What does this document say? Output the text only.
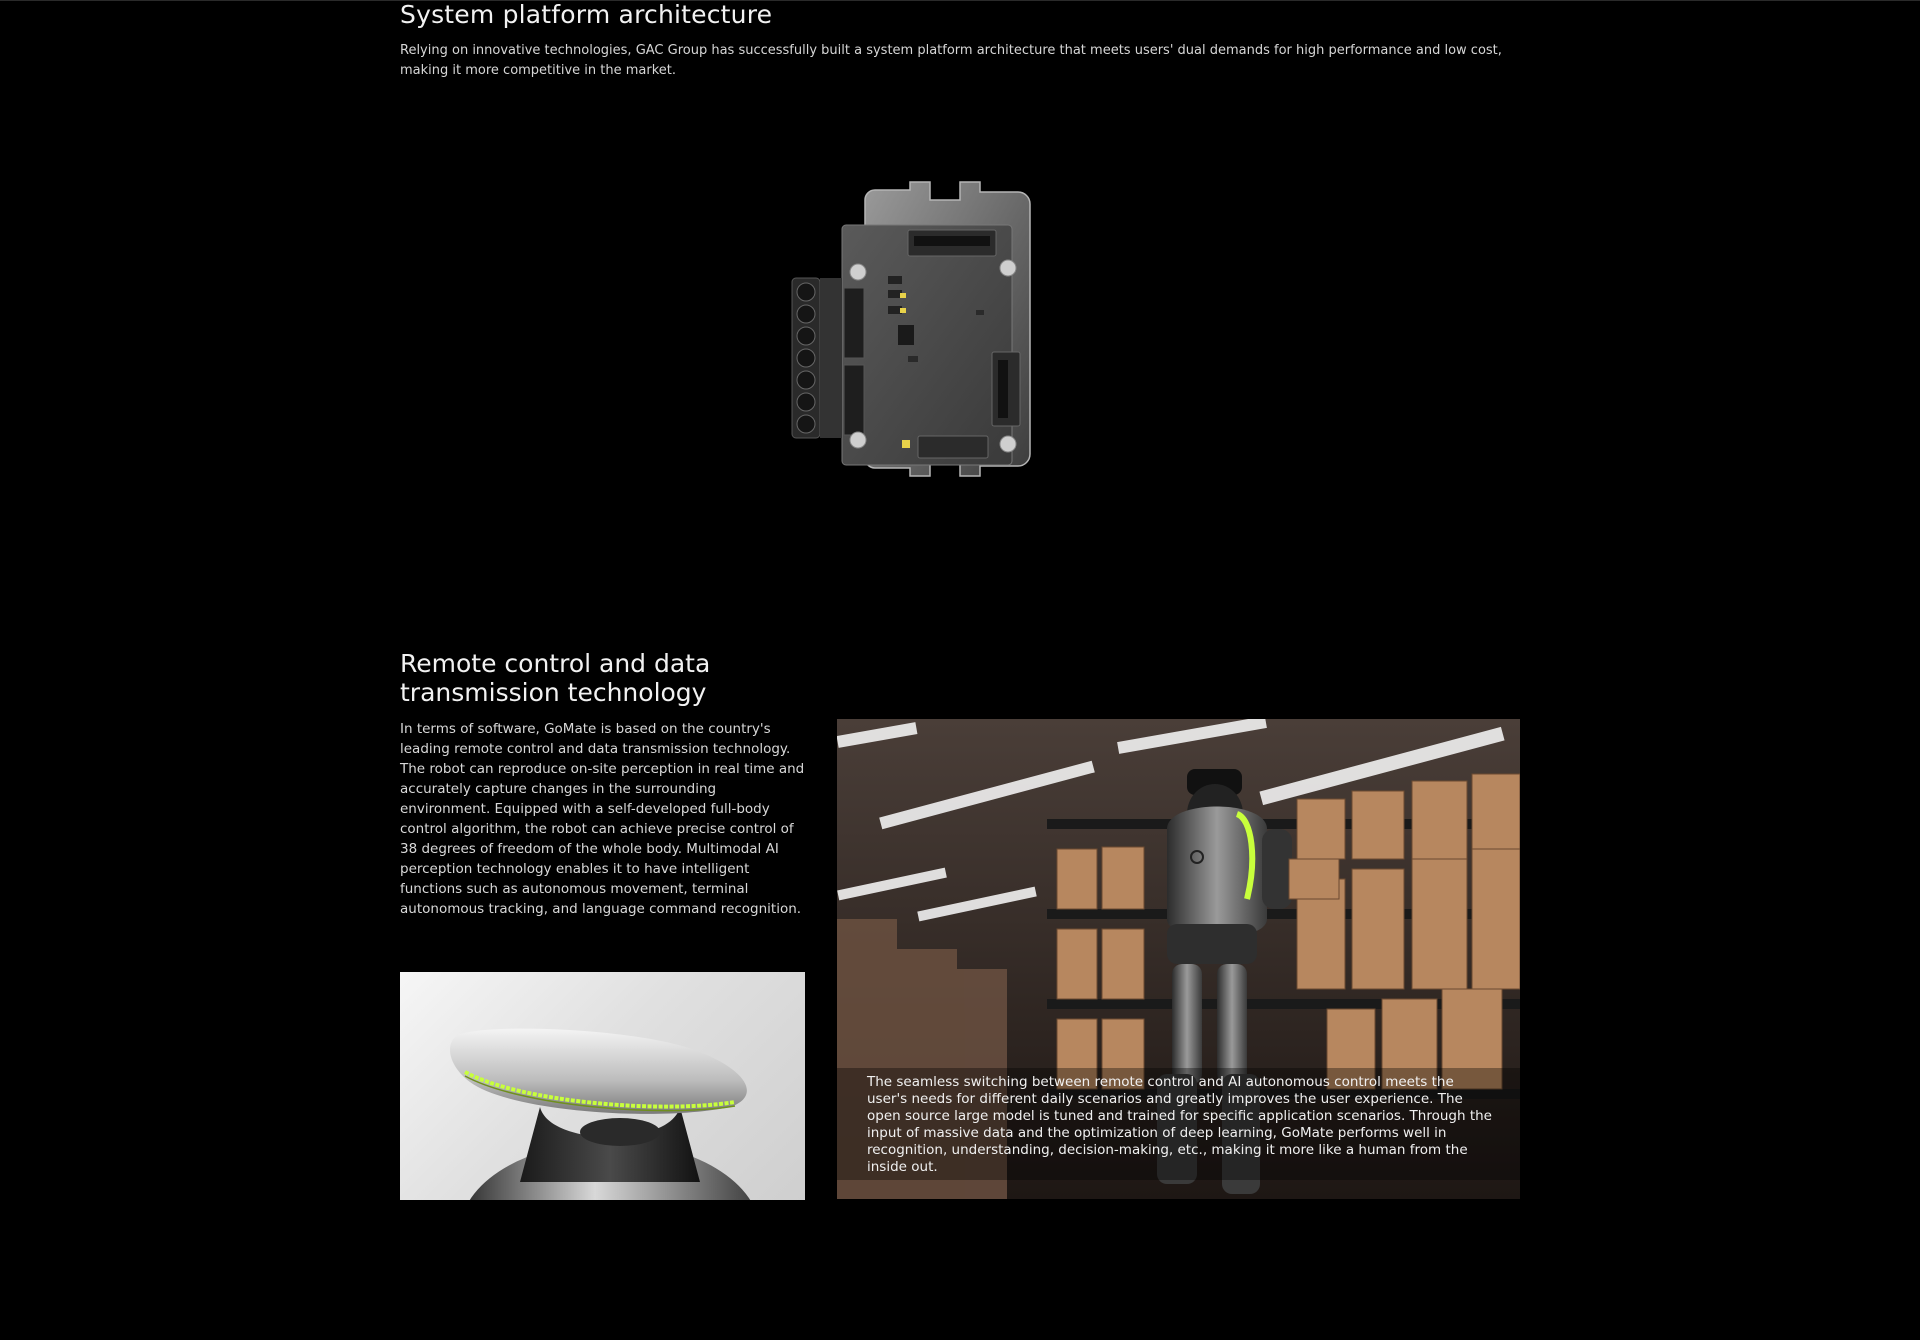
System platform architecture

Relying on innovative technologies, GAC Group has successfully built a system platform architecture that meets users' dual demands for high performance and low cost, making it more competitive in the market.

Remote control and data transmission technology

In terms of software, GoMate is based on the country's leading remote control and data transmission technology. The robot can reproduce on-site perception in real time and accurately capture changes in the surrounding environment. Equipped with a self-developed full-body control algorithm, the robot can achieve precise control of 38 degrees of freedom of the whole body. Multimodal AI perception technology enables it to have intelligent functions such as autonomous movement, terminal autonomous tracking, and language command recognition.

The seamless switching between remote control and AI autonomous control meets the user's needs for different daily scenarios and greatly improves the user experience. The open source large model is tuned and trained for specific application scenarios. Through the input of massive data and the optimization of deep learning, GoMate performs well in recognition, understanding, decision-making, etc., making it more like a human from the inside out.
